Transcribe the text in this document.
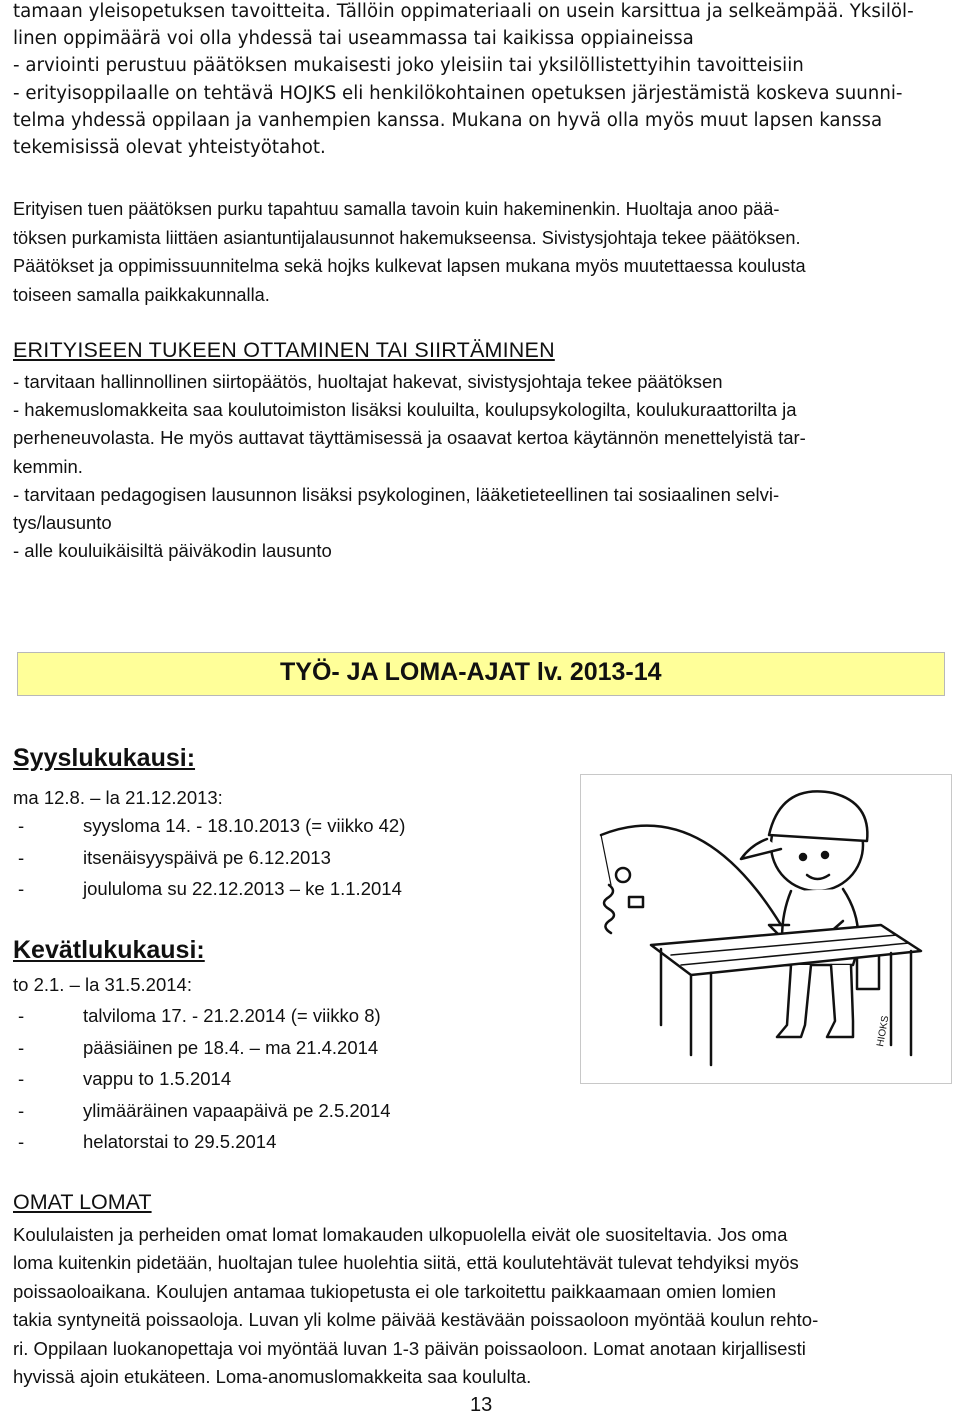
tamaan yleisopetuksen tavoitteita. Tällöin oppimateriaali on usein karsittua ja selkeämpää. Yksilöl-
linen oppimäärä voi olla yhdessä tai useammassa tai kaikissa oppiaineissa
- arviointi perustuu päätöksen mukaisesti joko yleisiin tai yksilöllistettyihin tavoitteisiin
- erityisoppilaalle on tehtävä HOJKS eli henkilökohtainen opetuksen järjestämistä koskeva suunni-
telma yhdessä oppilaan ja vanhempien kanssa. Mukana on hyvä olla myös muut lapsen kanssa
tekemisissä olevat yhteistyötahot.
Erityisen tuen päätöksen purku tapahtuu samalla tavoin kuin hakeminenkin. Huoltaja anoo pää-
töksen purkamista liittäen asiantuntijalausunnot hakemukseensa. Sivistysjohtaja tekee päätöksen.
Päätökset ja oppimissuunnitelma sekä hojks kulkevat lapsen mukana myös muutettaessa koulusta
toiseen samalla paikkakunnalla.
ERITYISEEN TUKEEN OTTAMINEN TAI SIIRTÄMINEN
- tarvitaan hallinnollinen siirtopäätös, huoltajat hakevat, sivistysjohtaja tekee päätöksen
- hakemuslomakkeita saa koulutoimiston lisäksi kouluilta, koulupsykologilta, koulukuraattorilta ja
perheneuvolasta. He myös auttavat täyttämisessä ja osaavat kertoa käytännön menettelyistä tar-
kemmin.
- tarvitaan pedagogisen lausunnon lisäksi psykologinen, lääketieteellinen tai sosiaalinen selvi-
tys/lausunto
- alle kouluikäisiltä päiväkodin lausunto
TYÖ- JA LOMA-AJAT lv. 2013-14
Syyslukukausi:
ma 12.8. – la 21.12.2013:
-	syysloma 14. - 18.10.2013 (= viikko 42)
-	itsenäisyyspäivä pe 6.12.2013
-	joululoma su 22.12.2013 – ke 1.1.2014
Kevätlukukausi:
to 2.1. – la 31.5.2014:
-	talviloma 17. - 21.2.2014 (= viikko 8)
-	pääsiäinen pe 18.4. – ma 21.4.2014
-	vappu to 1.5.2014
-	ylimääräinen vapaapäivä pe 2.5.2014
-	helatorstai to 29.5.2014
OMAT LOMAT
Koululaisten ja perheiden omat lomat lomakauden ulkopuolella eivät ole suositeltavia. Jos oma
loma kuitenkin pidetään, huoltajan tulee huolehtia siitä, että koulutehtävät tulevat tehdyiksi myös
poissaoloaikana. Koulujen antamaa tukiopetusta ei ole tarkoitettu paikkaamaan omien lomien
takia syntyneitä poissaoloja. Luvan yli kolme päivää kestävään poissaoloon myöntää koulun rehto-
ri. Oppilaan luokanopettaja voi myöntää luvan 1-3 päivän poissaoloon. Lomat anotaan kirjallisesti
hyvissä ajoin etukäteen. Loma-anomuslomakkeita saa koululta.
13
HIOKS
